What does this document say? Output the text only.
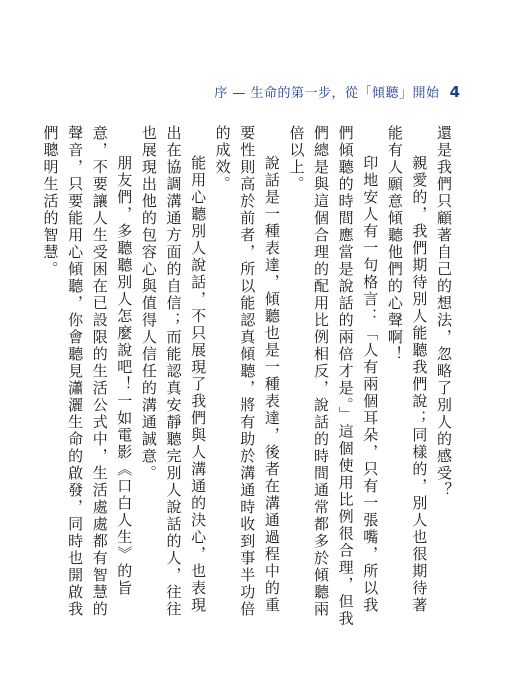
序 — 生命的第一步，從「傾聽」開始 4

還是我們只顧著自己的想法，忽略了別人的感受？

親愛的，我們期待別人能聽我們說；同樣的，別人也很期待著能有人願意傾聽他們的心聲啊！

印地安人有一句格言：「人有兩個耳朵，只有一張嘴，所以我們傾聽的時間應當是說話的兩倍才是。」這個使用比例很合理，但我們總是與這個合理的配用比例相反，說話的時間通常都多於傾聽兩倍以上。

說話是一種表達，傾聽也是一種表達，後者在溝通過程中的重要性則高於前者，所以能認真傾聽，將有助於溝通時收到事半功倍的成效。

能用心聽別人說話，不只展現了我們與人溝通的決心，也表現出在協調溝通方面的自信；而能認真安靜聽完別人說話的人，往往也展現出他的包容心與值得人信任的溝通誠意。

朋友們，多聽聽別人怎麼說吧！一如電影《口白人生》的旨意，不要讓人生受困在已設限的生活公式中，生活處處都有智慧的聲音，只要能用心傾聽，你會聽見瀟灑生命的啟發，同時也開啟我們聰明生活的智慧。
